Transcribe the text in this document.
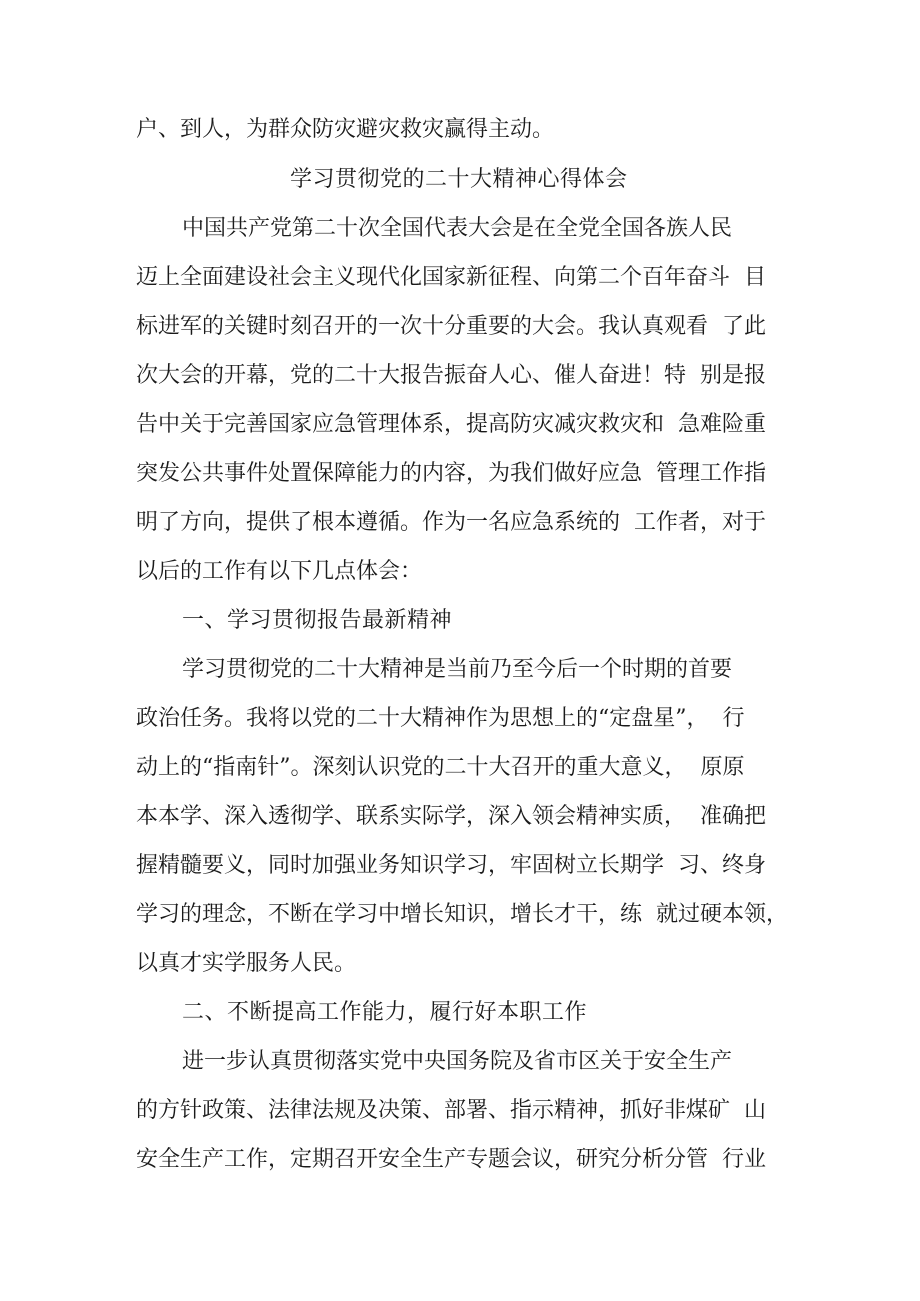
户、到人，为群众防灾避灾救灾赢得主动。

学习贯彻党的二十大精神心得体会

中国共产党第二十次全国代表大会是在全党全国各族人民

迈上全面建设社会主义现代化国家新征程、向第二个百年奋斗  目

标进军的关键时刻召开的一次十分重要的大会。我认真观看  了此

次大会的开幕，党的二十大报告振奋人心、催人奋进！特  别是报

告中关于完善国家应急管理体系，提高防灾减灾救灾和  急难险重

突发公共事件处置保障能力的内容，为我们做好应急  管理工作指

明了方向，提供了根本遵循。作为一名应急系统的  工作者，对于

以后的工作有以下几点体会：

一、学习贯彻报告最新精神

学习贯彻党的二十大精神是当前乃至今后一个时期的首要

政治任务。我将以党的二十大精神作为思想上的“定盘星”，  行

动上的“指南针”。深刻认识党的二十大召开的重大意义，  原原

本本学、深入透彻学、联系实际学，深入领会精神实质，  准确把

握精髓要义，同时加强业务知识学习，牢固树立长期学  习、终身

学习的理念，不断在学习中增长知识，增长才干，练  就过硬本领，

以真才实学服务人民。

二、不断提高工作能力，履行好本职工作

进一步认真贯彻落实党中央国务院及省市区关于安全生产

的方针政策、法律法规及决策、部署、指示精神，抓好非煤矿  山

安全生产工作，定期召开安全生产专题会议，研究分析分管  行业
